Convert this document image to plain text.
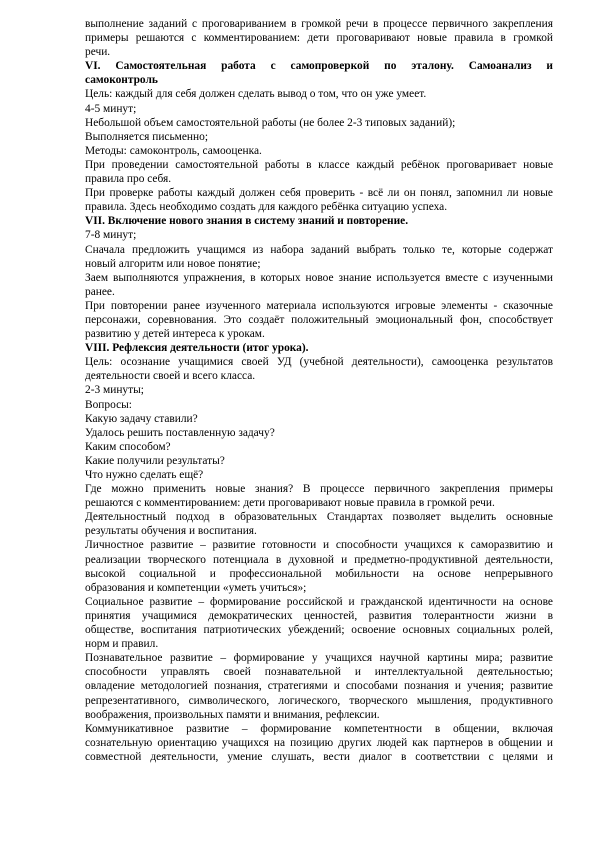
выполнение заданий с проговариванием в громкой речи в процессе первичного закрепления
примеры решаются с комментированием: дети проговаривают новые правила в громкой
речи.
VI. Самостоятельная работа с самопроверкой по эталону. Самоанализ и
самоконтроль
Цель: каждый для себя должен сделать вывод о том, что он уже умеет.
4-5 минут;
Небольшой объем самостоятельной работы (не более 2-3 типовых заданий);
Выполняется письменно;
Методы: самоконтроль, самооценка.
При проведении самостоятельной работы в классе каждый ребёнок проговаривает новые
правила про себя.
При проверке работы каждый должен себя проверить - всё ли он понял, запомнил ли новые
правила. Здесь необходимо создать для каждого ребёнка ситуацию успеха.
VII. Включение нового знания в систему знаний и повторение.
7-8 минут;
Сначала предложить учащимся из набора заданий выбрать только те, которые содержат
новый алгоритм или новое понятие;
Заем выполняются упражнения, в которых новое знание используется вместе с изученными
ранее.
При повторении ранее изученного материала используются игровые элементы - сказочные
персонажи, соревнования. Это создаёт положительный эмоциональный фон, способствует
развитию у детей интереса к урокам.
VIII. Рефлексия деятельности (итог урока).
Цель: осознание учащимися своей УД (учебной деятельности), самооценка результатов
деятельности своей и всего класса.
2-3 минуты;
Вопросы:
Какую задачу ставили?
Удалось решить поставленную задачу?
Каким способом?
Какие получили результаты?
Что нужно сделать ещё?
Где можно применить новые знания? В процессе первичного закрепления примеры
решаются с комментированием: дети проговаривают новые правила в громкой речи.
Деятельностный подход в образовательных Стандартах позволяет выделить основные
результаты обучения и воспитания.
Личностное развитие – развитие готовности и способности учащихся к саморазвитию и
реализации творческого потенциала в духовной и предметно-продуктивной деятельности,
высокой социальной и профессиональной мобильности на основе непрерывного
образования и компетенции «уметь учиться»;
Социальное развитие – формирование российской и гражданской идентичности на основе
принятия учащимися демократических ценностей, развития толерантности жизни в
обществе, воспитания патриотических убеждений; освоение основных социальных ролей,
норм и правил.
Познавательное развитие – формирование у учащихся научной картины мира; развитие
способности управлять своей познавательной и интеллектуальной деятельностью;
овладение методологией познания, стратегиями и способами познания и учения; развитие
репрезентативного, символического, логического, творческого мышления, продуктивного
воображения, произвольных памяти и внимания, рефлексии.
Коммуникативное развитие – формирование компетентности в общении, включая
сознательную ориентацию учащихся на позицию других людей как партнеров в общении и
совместной деятельности, умение слушать, вести диалог в соответствии с целями и
